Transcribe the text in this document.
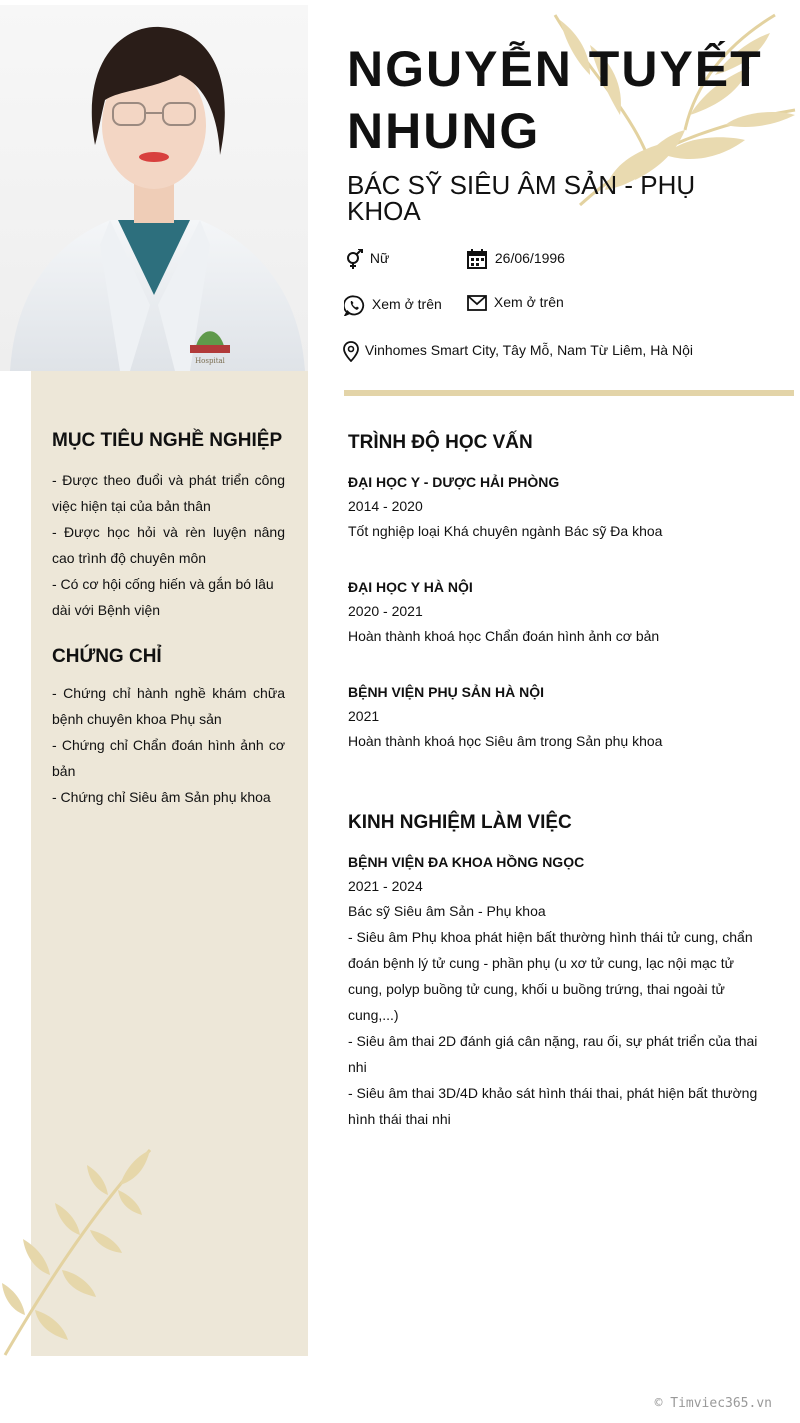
Hospital
NGUYỄN TUYẾT
NHUNG
BÁC SỸ SIÊU ÂM SẢN - PHỤ
KHOA
Nữ	26/06/1996
Xem ở trên	Xem ở trên
Vinhomes Smart City, Tây Mỗ, Nam Từ Liêm, Hà Nội
MỤC TIÊU NGHỀ NGHIỆP
- Được theo đuổi và phát triển công việc hiện tại của bản thân
- Được học hỏi và rèn luyện nâng cao trình độ chuyên môn
- Có cơ hội cống hiến và gắn bó lâu dài với Bệnh viện
CHỨNG CHỈ
- Chứng chỉ hành nghề khám chữa bệnh chuyên khoa Phụ sản
- Chứng chỉ Chẩn đoán hình ảnh cơ bản
- Chứng chỉ Siêu âm Sản phụ khoa
TRÌNH ĐỘ HỌC VẤN
ĐẠI HỌC Y - DƯỢC HẢI PHÒNG
2014 - 2020
Tốt nghiệp loại Khá chuyên ngành Bác sỹ Đa khoa
ĐẠI HỌC Y HÀ NỘI
2020 - 2021
Hoàn thành khoá học Chẩn đoán hình ảnh cơ bản
BỆNH VIỆN PHỤ SẢN HÀ NỘI
2021
Hoàn thành khoá học Siêu âm trong Sản phụ khoa
KINH NGHIỆM LÀM VIỆC
BỆNH VIỆN ĐA KHOA HỒNG NGỌC
2021 - 2024
Bác sỹ Siêu âm Sản - Phụ khoa
- Siêu âm Phụ khoa phát hiện bất thường hình thái tử cung, chẩn đoán bệnh lý tử cung - phần phụ (u xơ tử cung, lạc nội mạc tử cung, polyp buồng tử cung, khối u buồng trứng, thai ngoài tử cung,...)
- Siêu âm thai 2D đánh giá cân nặng, rau ối, sự phát triển của thai nhi
- Siêu âm thai 3D/4D khảo sát hình thái thai, phát hiện bất thường hình thái thai nhi
© Timviec365.vn
